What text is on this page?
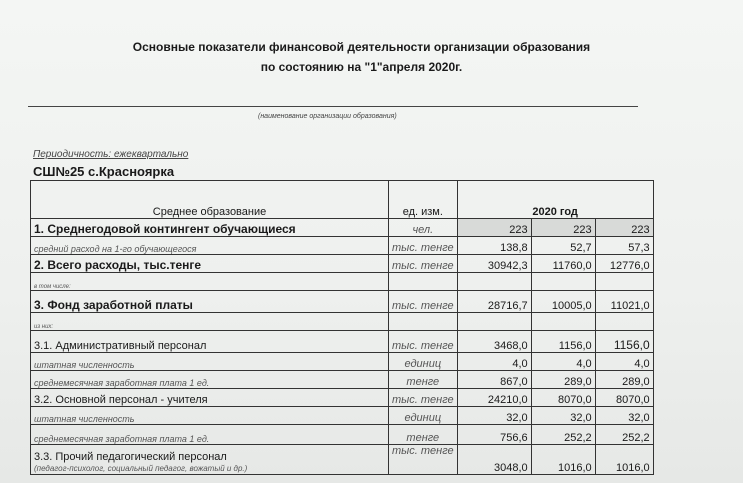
Основные показатели финансовой деятельности организации образования
по состоянию на "1"апреля 2020г.
(наименование организации образования)
Периодичность: ежеквартально
СШ№25 с.Красноярка
Среднее образование	ед. изм.	2020 год		
1. Среднегодовой контингент обучающиеся	чел.	223	223	223
средний расход на 1-го обучающегося	тыс. тенге	138,8	52,7	57,3
2. Всего расходы, тыс.тенге	тыс. тенге	30942,3	11760,0	12776,0
в том числе:				
3. Фонд заработной платы	тыс. тенге	28716,7	10005,0	11021,0
из них:				
3.1. Административный персонал	тыс. тенге	3468,0	1156,0	1156,0
штатная численность	единиц	4,0	4,0	4,0
среднемесячная заработная плата 1 ед.	тенге	867,0	289,0	289,0
3.2. Основной персонал - учителя	тыс. тенге	24210,0	8070,0	8070,0
штатная численность	единиц	32,0	32,0	32,0
среднемесячная заработная плата 1 ед.	тенге	756,6	252,2	252,2

3.3. Прочий педагогический персонал
(педагог-психолог, социальный педагог, вожатый и др.)	тыс. тенге	3048,0	1016,0	1016,0
